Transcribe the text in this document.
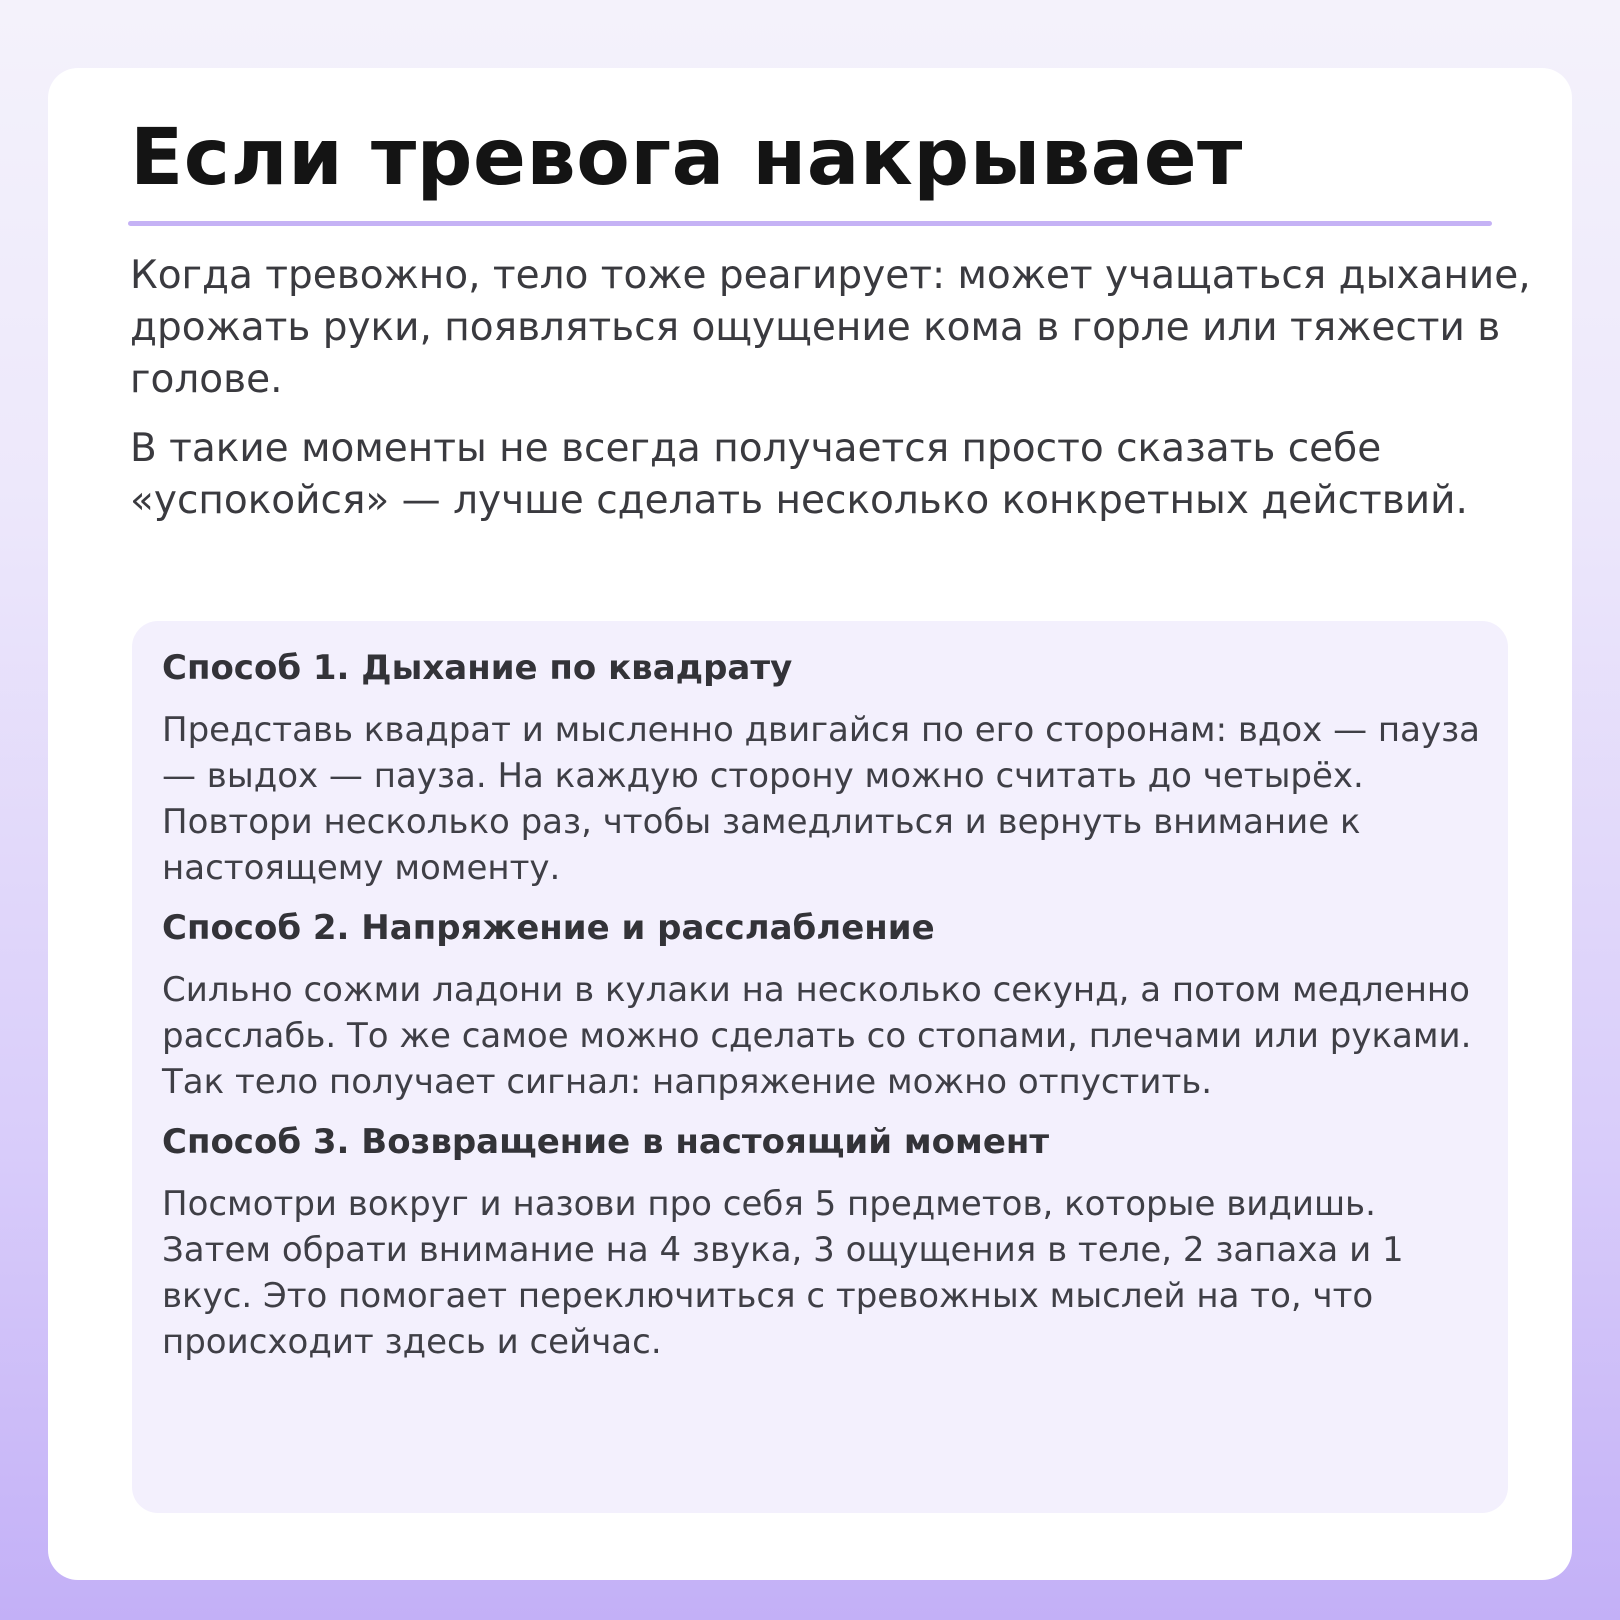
Если тревога накрывает

Когда тревожно, тело тоже реагирует: может учащаться дыхание, дрожать руки, появляться ощущение кома в горле или тяжести в голове.

В такие моменты не всегда получается просто сказать себе «успокойся» — лучше сделать несколько конкретных действий.

Способ 1. Дыхание по квадрату

Представь квадрат и мысленно двигайся по его сторонам: вдох — пауза — выдох — пауза. На каждую сторону можно считать до четырёх. Повтори несколько раз, чтобы замедлиться и вернуть внимание к настоящему моменту.

Способ 2. Напряжение и расслабление

Сильно сожми ладони в кулаки на несколько секунд, а потом медленно расслабь. То же самое можно сделать со стопами, плечами или руками. Так тело получает сигнал: напряжение можно отпустить.

Способ 3. Возвращение в настоящий момент

Посмотри вокруг и назови про себя 5 предметов, которые видишь. Затем обрати внимание на 4 звука, 3 ощущения в теле, 2 запаха и 1 вкус. Это помогает переключиться с тревожных мыслей на то, что происходит здесь и сейчас.
